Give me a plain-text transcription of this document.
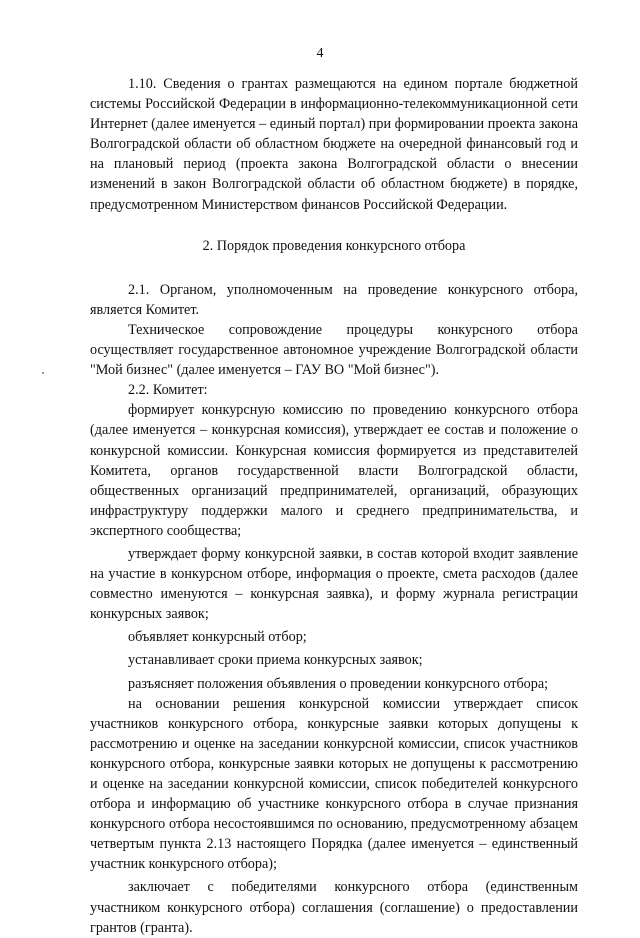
4

1.10. Сведения о грантах размещаются на едином портале бюджетной системы Российской Федерации в информационно-телекоммуникационной сети Интернет (далее именуется – единый портал) при формировании проекта закона Волгоградской области об областном бюджете на очередной финансовый год и на плановый период (проекта закона Волгоградской области о внесении изменений в закон Волгоградской области об областном бюджете) в порядке, предусмотренном Министерством финансов Российской Федерации.

2. Порядок проведения конкурсного отбора

2.1. Органом, уполномоченным на проведение конкурсного отбора, является Комитет.

Техническое сопровождение процедуры конкурсного отбора осуществляет государственное автономное учреждение Волгоградской области "Мой бизнес" (далее именуется – ГАУ ВО "Мой бизнес").

2.2. Комитет:

формирует конкурсную комиссию по проведению конкурсного отбора (далее именуется – конкурсная комиссия), утверждает ее состав и положение о конкурсной комиссии. Конкурсная комиссия формируется из представителей Комитета, органов государственной власти Волгоградской области, общественных организаций предпринимателей, организаций, образующих инфраструктуру поддержки малого и среднего предпринимательства, и экспертного сообщества;

утверждает форму конкурсной заявки, в состав которой входит заявление на участие в конкурсном отборе, информация о проекте, смета расходов (далее совместно именуются – конкурсная заявка), и форму журнала регистрации конкурсных заявок;

объявляет конкурсный отбор;

устанавливает сроки приема конкурсных заявок;

разъясняет положения объявления о проведении конкурсного отбора;

на основании решения конкурсной комиссии утверждает список участников конкурсного отбора, конкурсные заявки которых допущены к рассмотрению и оценке на заседании конкурсной комиссии, список участников конкурсного отбора, конкурсные заявки которых не допущены к рассмотрению и оценке на заседании конкурсной комиссии, список победителей конкурсного отбора и информацию об участнике конкурсного отбора в случае признания конкурсного отбора несостоявшимся по основанию, предусмотренному абзацем четвертым пункта 2.13 настоящего Порядка (далее именуется – единственный участник конкурсного отбора);

заключает с победителями конкурсного отбора (единственным участником конкурсного отбора) соглашения (соглашение) о предоставлении грантов (гранта).
